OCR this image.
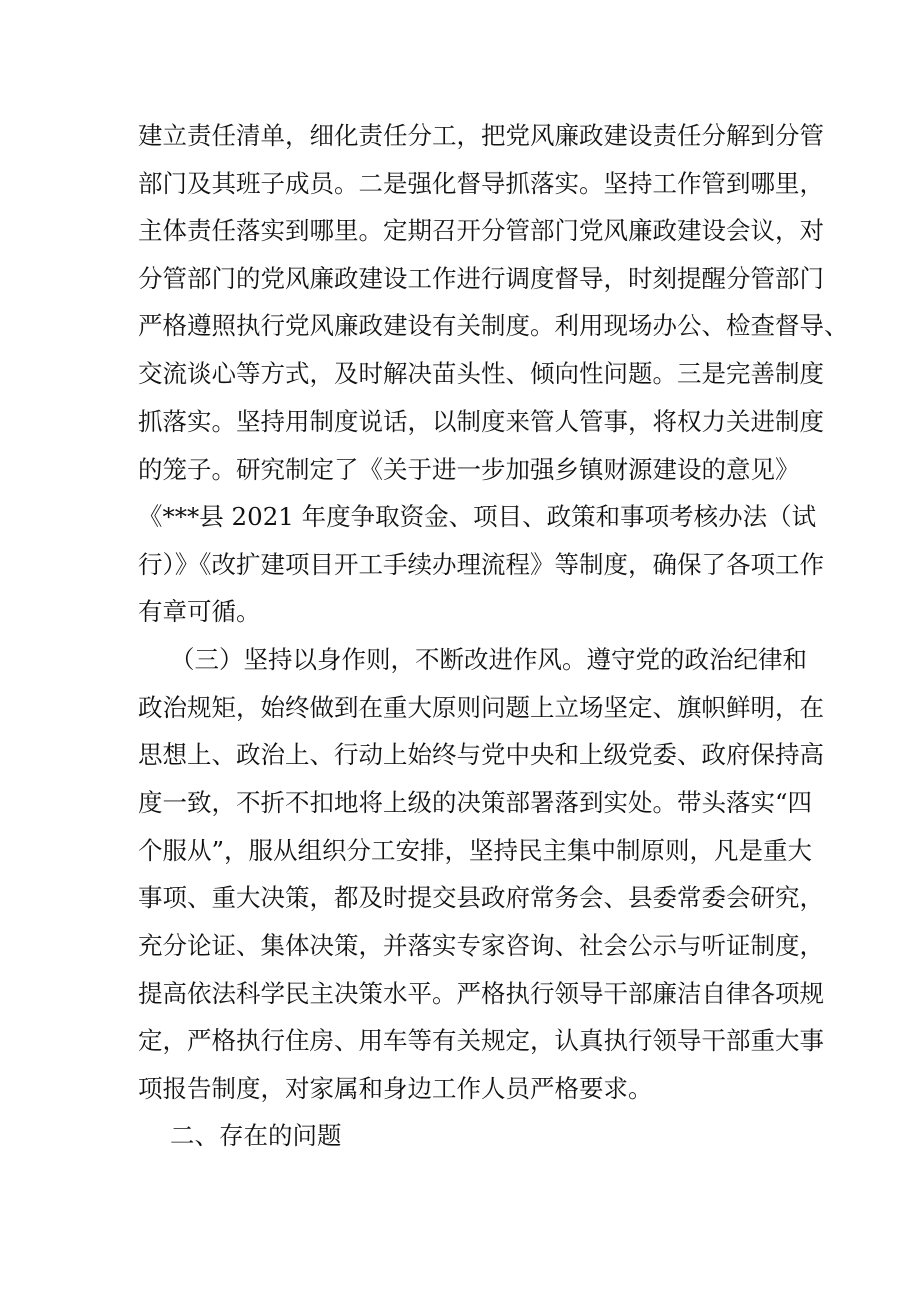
建立责任清单，细化责任分工，把党风廉政建设责任分解到分管
部门及其班子成员。二是强化督导抓落实。坚持工作管到哪里，
主体责任落实到哪里。定期召开分管部门党风廉政建设会议，对
分管部门的党风廉政建设工作进行调度督导，时刻提醒分管部门
严格遵照执行党风廉政建设有关制度。利用现场办公、检查督导、
交流谈心等方式，及时解决苗头性、倾向性问题。三是完善制度
抓落实。坚持用制度说话，以制度来管人管事，将权力关进制度
的笼子。研究制定了《关于进一步加强乡镇财源建设的意见》
《***县 2021 年度争取资金、项目、政策和事项考核办法（试
行）》《改扩建项目开工手续办理流程》等制度，确保了各项工作
有章可循。
（三）坚持以身作则，不断改进作风。遵守党的政治纪律和
政治规矩，始终做到在重大原则问题上立场坚定、旗帜鲜明，在
思想上、政治上、行动上始终与党中央和上级党委、政府保持高
度一致，不折不扣地将上级的决策部署落到实处。带头落实“四
个服从”，服从组织分工安排，坚持民主集中制原则，凡是重大
事项、重大决策，都及时提交县政府常务会、县委常委会研究，
充分论证、集体决策，并落实专家咨询、社会公示与听证制度，
提高依法科学民主决策水平。严格执行领导干部廉洁自律各项规
定，严格执行住房、用车等有关规定，认真执行领导干部重大事
项报告制度，对家属和身边工作人员严格要求。
二、存在的问题
